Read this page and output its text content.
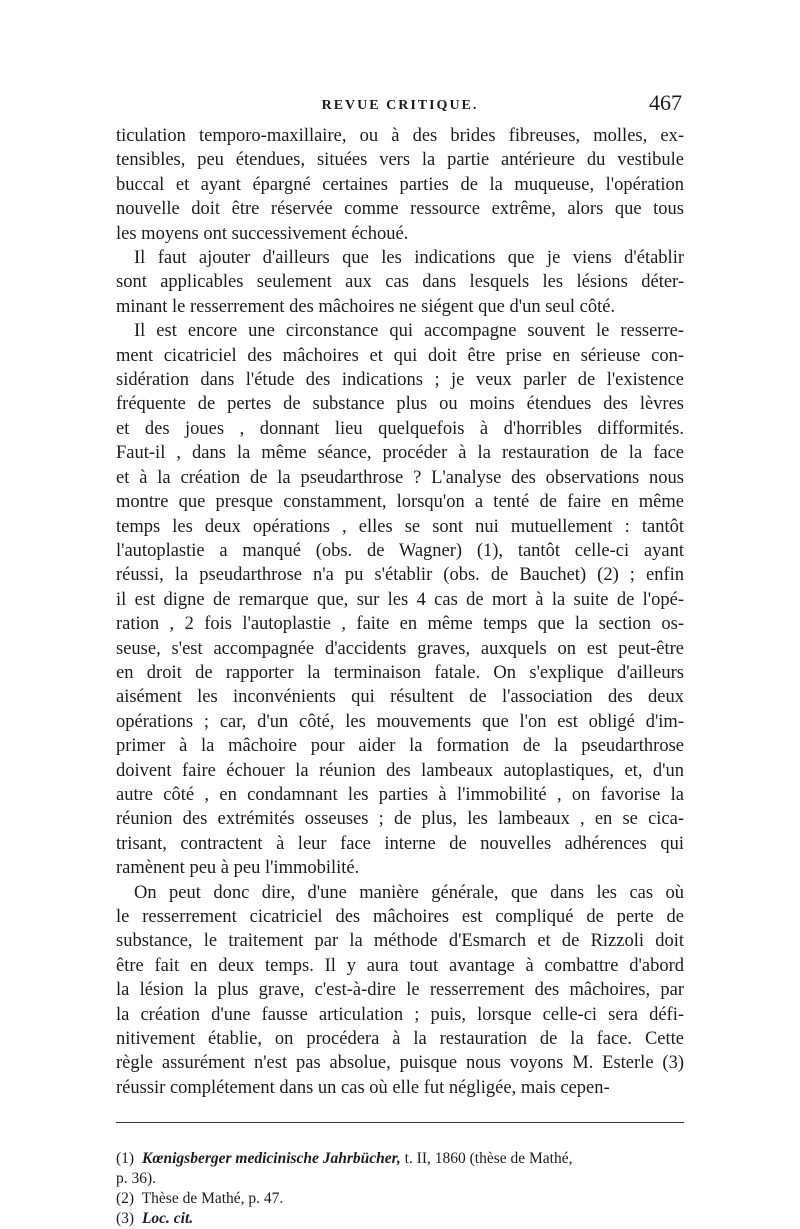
REVUE CRITIQUE.	467

ticulation temporo-maxillaire, ou à des brides fibreuses, molles, ex-
tensibles, peu étendues, situées vers la partie antérieure du vestibule
buccal et ayant épargné certaines parties de la muqueuse, l'opération
nouvelle doit être réservée comme ressource extrême, alors que tous
les moyens ont successivement échoué.

Il faut ajouter d'ailleurs que les indications que je viens d'établir
sont applicables seulement aux cas dans lesquels les lésions déter-
minant le resserrement des mâchoires ne siégent que d'un seul côté.

Il est encore une circonstance qui accompagne souvent le resserre-
ment cicatriciel des mâchoires et qui doit être prise en sérieuse con-
sidération dans l'étude des indications ; je veux parler de l'existence
fréquente de pertes de substance plus ou moins étendues des lèvres
et des joues , donnant lieu quelquefois à d'horribles difformités.
Faut-il , dans la même séance, procéder à la restauration de la face
et à la création de la pseudarthrose ? L'analyse des observations nous
montre que presque constamment, lorsqu'on a tenté de faire en même
temps les deux opérations , elles se sont nui mutuellement : tantôt
l'autoplastie a manqué (obs. de Wagner) (1), tantôt celle-ci ayant
réussi, la pseudarthrose n'a pu s'établir (obs. de Bauchet) (2) ; enfin
il est digne de remarque que, sur les 4 cas de mort à la suite de l'opé-
ration , 2 fois l'autoplastie , faite en même temps que la section os-
seuse, s'est accompagnée d'accidents graves, auxquels on est peut-être
en droit de rapporter la terminaison fatale. On s'explique d'ailleurs
aisément les inconvénients qui résultent de l'association des deux
opérations ; car, d'un côté, les mouvements que l'on est obligé d'im-
primer à la mâchoire pour aider la formation de la pseudarthrose
doivent faire échouer la réunion des lambeaux autoplastiques, et, d'un
autre côté , en condamnant les parties à l'immobilité , on favorise la
réunion des extrémités osseuses ; de plus, les lambeaux , en se cica-
trisant, contractent à leur face interne de nouvelles adhérences qui
ramènent peu à peu l'immobilité.

On peut donc dire, d'une manière générale, que dans les cas où
le resserrement cicatriciel des mâchoires est compliqué de perte de
substance, le traitement par la méthode d'Esmarch et de Rizzoli doit
être fait en deux temps. Il y aura tout avantage à combattre d'abord
la lésion la plus grave, c'est-à-dire le resserrement des mâchoires, par
la création d'une fausse articulation ; puis, lorsque celle-ci sera défi-
nitivement établie, on procédera à la restauration de la face. Cette
règle assurément n'est pas absolue, puisque nous voyons M. Esterle (3)
réussir complétement dans un cas où elle fut négligée, mais cepen-

(1) Kœnigsberger medicinische Jahrbücher, t. II, 1860 (thèse de Mathé,
p. 36).
(2) Thèse de Mathé, p. 47.
(3) Loc. cit.
